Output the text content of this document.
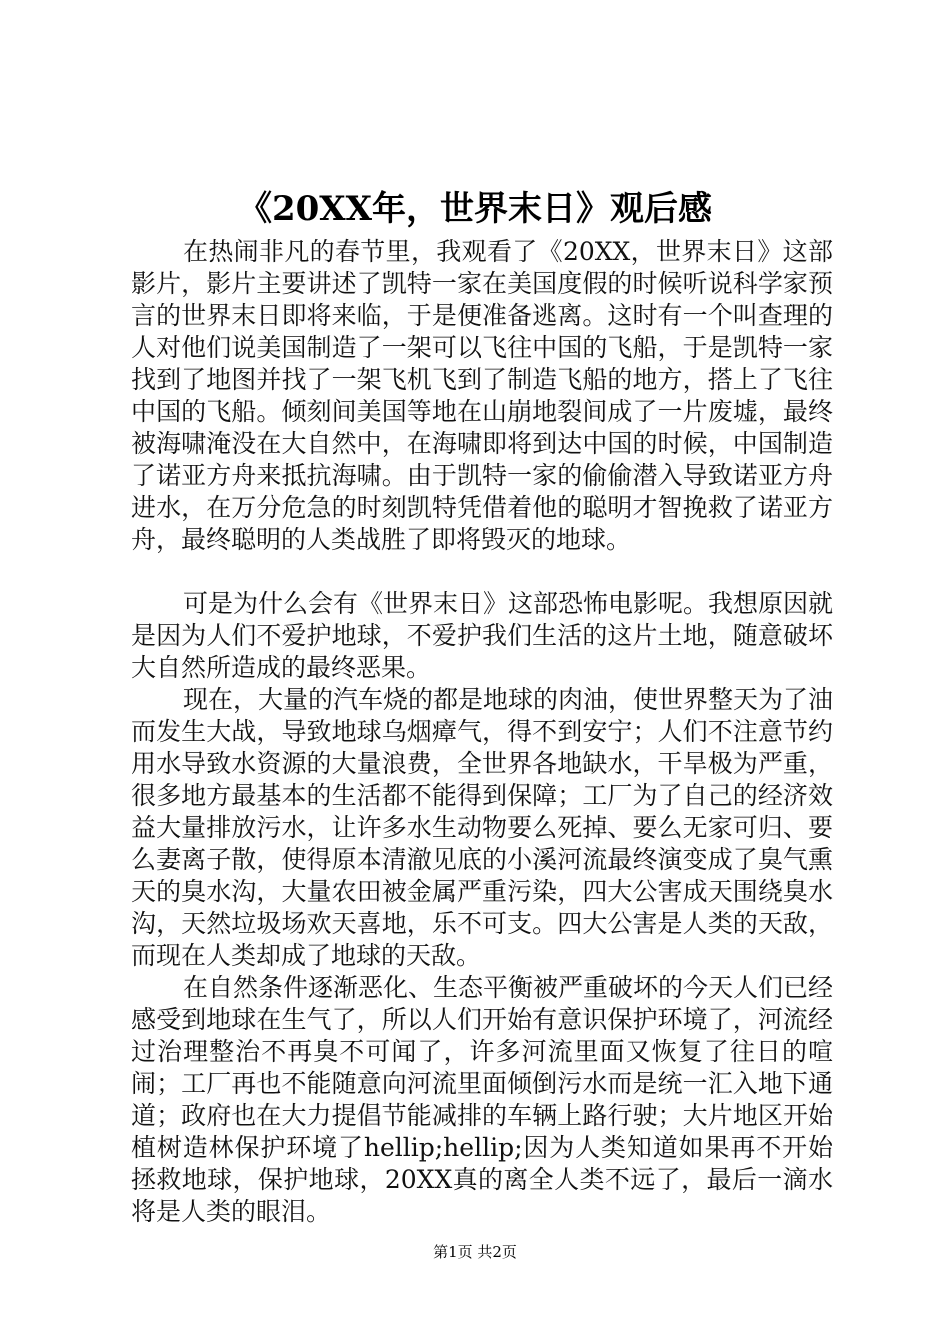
《20XX年，世界末日》观后感

在热闹非凡的春节里，我观看了《20XX，世界末日》这部影片，影片主要讲述了凯特一家在美国度假的时候听说科学家预言的世界末日即将来临，于是便准备逃离。这时有一个叫查理的人对他们说美国制造了一架可以飞往中国的飞船，于是凯特一家找到了地图并找了一架飞机飞到了制造飞船的地方，搭上了飞往中国的飞船。倾刻间美国等地在山崩地裂间成了一片废墟，最终被海啸淹没在大自然中，在海啸即将到达中国的时候，中国制造了诺亚方舟来抵抗海啸。由于凯特一家的偷偷潜入导致诺亚方舟进水，在万分危急的时刻凯特凭借着他的聪明才智挽救了诺亚方舟，最终聪明的人类战胜了即将毁灭的地球。

可是为什么会有《世界末日》这部恐怖电影呢。我想原因就是因为人们不爱护地球，不爱护我们生活的这片土地，随意破坏大自然所造成的最终恶果。

现在，大量的汽车烧的都是地球的肉油，使世界整天为了油而发生大战，导致地球乌烟瘴气，得不到安宁；人们不注意节约用水导致水资源的大量浪费，全世界各地缺水，干旱极为严重，很多地方最基本的生活都不能得到保障；工厂为了自己的经济效益大量排放污水，让许多水生动物要么死掉、要么无家可归、要么妻离子散，使得原本清澈见底的小溪河流最终演变成了臭气熏天的臭水沟，大量农田被金属严重污染，四大公害成天围绕臭水沟，天然垃圾场欢天喜地，乐不可支。四大公害是人类的天敌，而现在人类却成了地球的天敌。

在自然条件逐渐恶化、生态平衡被严重破坏的今天人们已经感受到地球在生气了，所以人们开始有意识保护环境了，河流经过治理整治不再臭不可闻了，许多河流里面又恢复了往日的喧闹；工厂再也不能随意向河流里面倾倒污水而是统一汇入地下通道；政府也在大力提倡节能减排的车辆上路行驶；大片地区开始植树造林保护环境了hellip;hellip;因为人类知道如果再不开始拯救地球，保护地球，20XX真的离全人类不远了，最后一滴水将是人类的眼泪。

第1页 共2页
